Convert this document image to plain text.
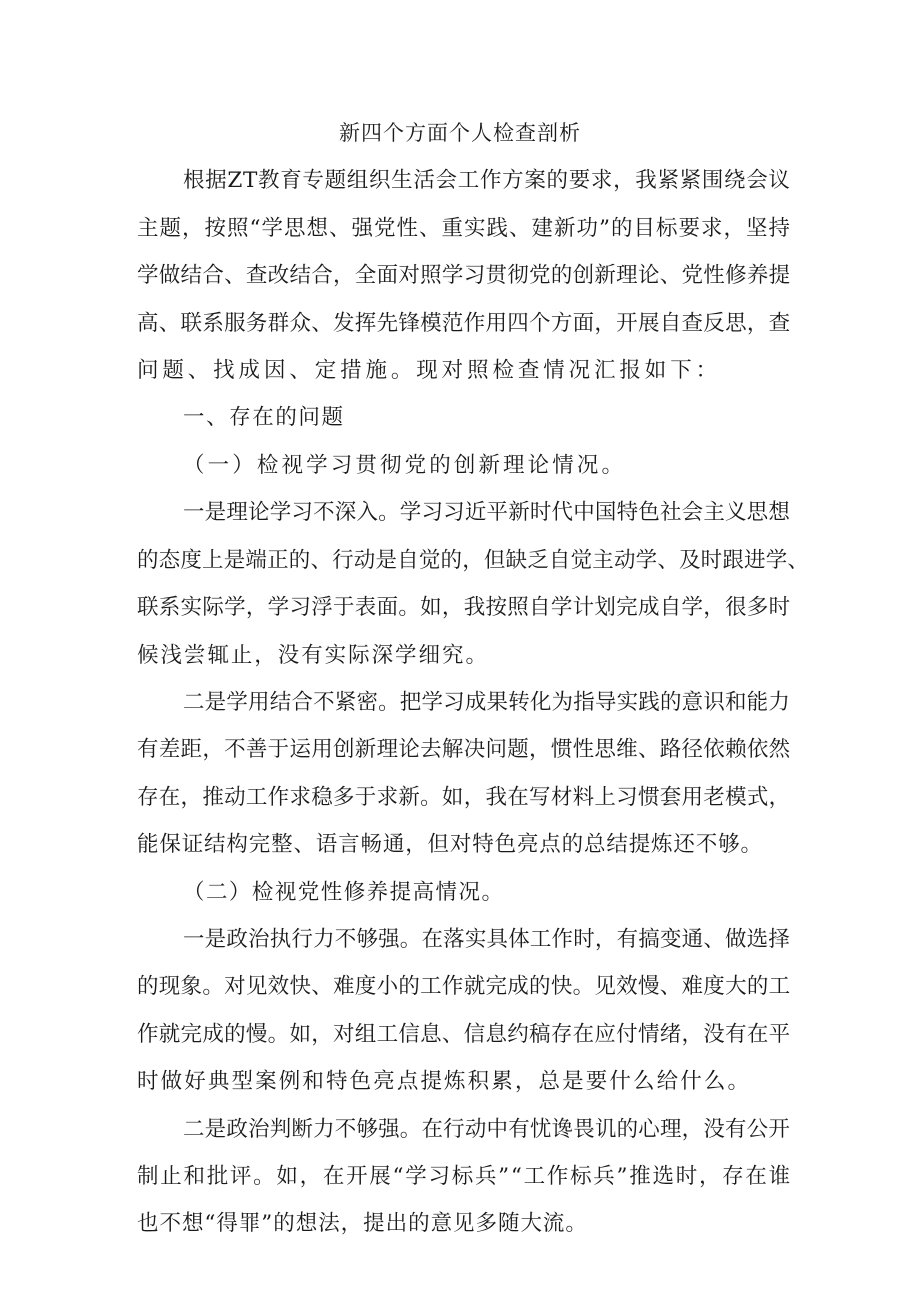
新四个方面个人检查剖析
根据ZT教育专题组织生活会工作方案的要求，我紧紧围绕会议
主题，按照“学思想、强党性、重实践、建新功”的目标要求，坚持
学做结合、查改结合，全面对照学习贯彻党的创新理论、党性修养提
高、联系服务群众、发挥先锋模范作用四个方面，开展自查反思，查
问题、找成因、定措施。现对照检查情况汇报如下：
一、存在的问题
（一）检视学习贯彻党的创新理论情况。
一是理论学习不深入。学习习近平新时代中国特色社会主义思想
的态度上是端正的、行动是自觉的，但缺乏自觉主动学、及时跟进学、
联系实际学，学习浮于表面。如，我按照自学计划完成自学，很多时
候浅尝辄止，没有实际深学细究。
二是学用结合不紧密。把学习成果转化为指导实践的意识和能力
有差距，不善于运用创新理论去解决问题，惯性思维、路径依赖依然
存在，推动工作求稳多于求新。如，我在写材料上习惯套用老模式，
能保证结构完整、语言畅通，但对特色亮点的总结提炼还不够。
（二）检视党性修养提高情况。
一是政治执行力不够强。在落实具体工作时，有搞变通、做选择
的现象。对见效快、难度小的工作就完成的快。见效慢、难度大的工
作就完成的慢。如，对组工信息、信息约稿存在应付情绪，没有在平
时做好典型案例和特色亮点提炼积累，总是要什么给什么。
二是政治判断力不够强。在行动中有忧谗畏讥的心理，没有公开
制止和批评。如，在开展“学习标兵”“工作标兵”推选时，存在谁
也不想“得罪”的想法，提出的意见多随大流。
